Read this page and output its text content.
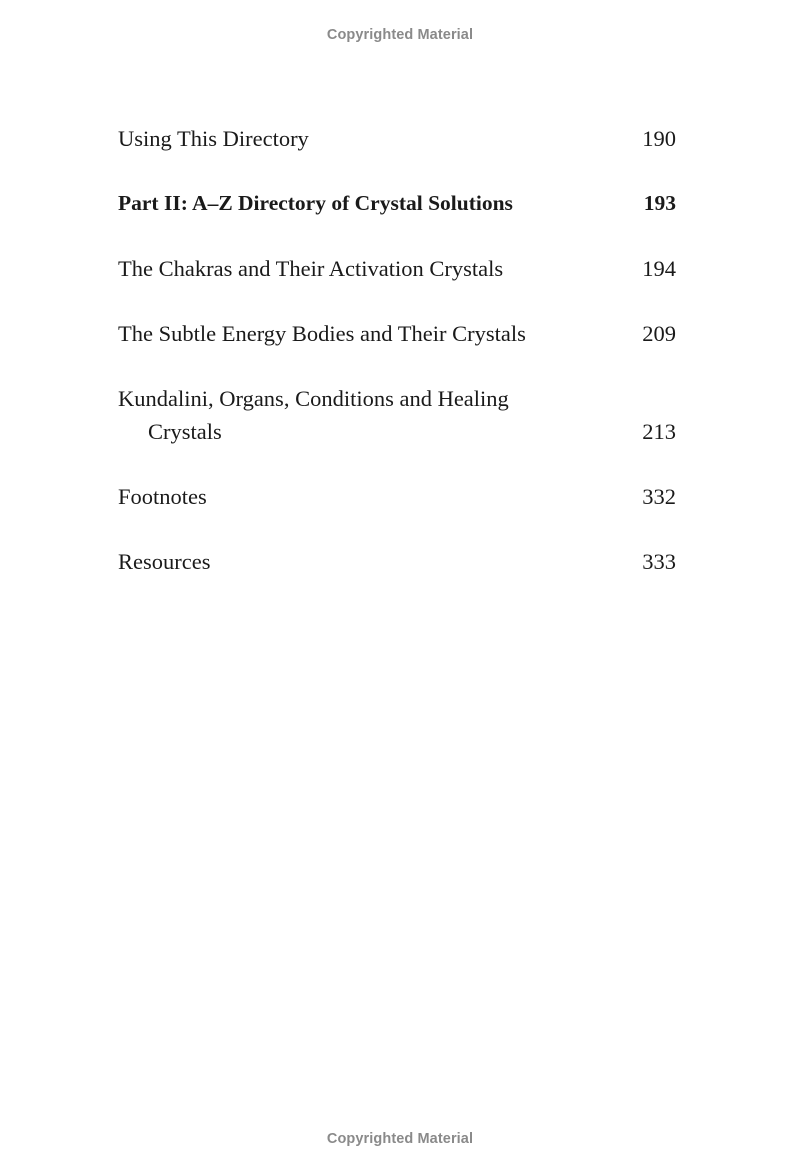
Copyrighted Material
Using This Directory	190
Part II: A–Z Directory of Crystal Solutions	193
The Chakras and Their Activation Crystals	194
The Subtle Energy Bodies and Their Crystals	209
Kundalini, Organs, Conditions and Healing
Crystals	213
Footnotes	332
Resources	333
Copyrighted Material
